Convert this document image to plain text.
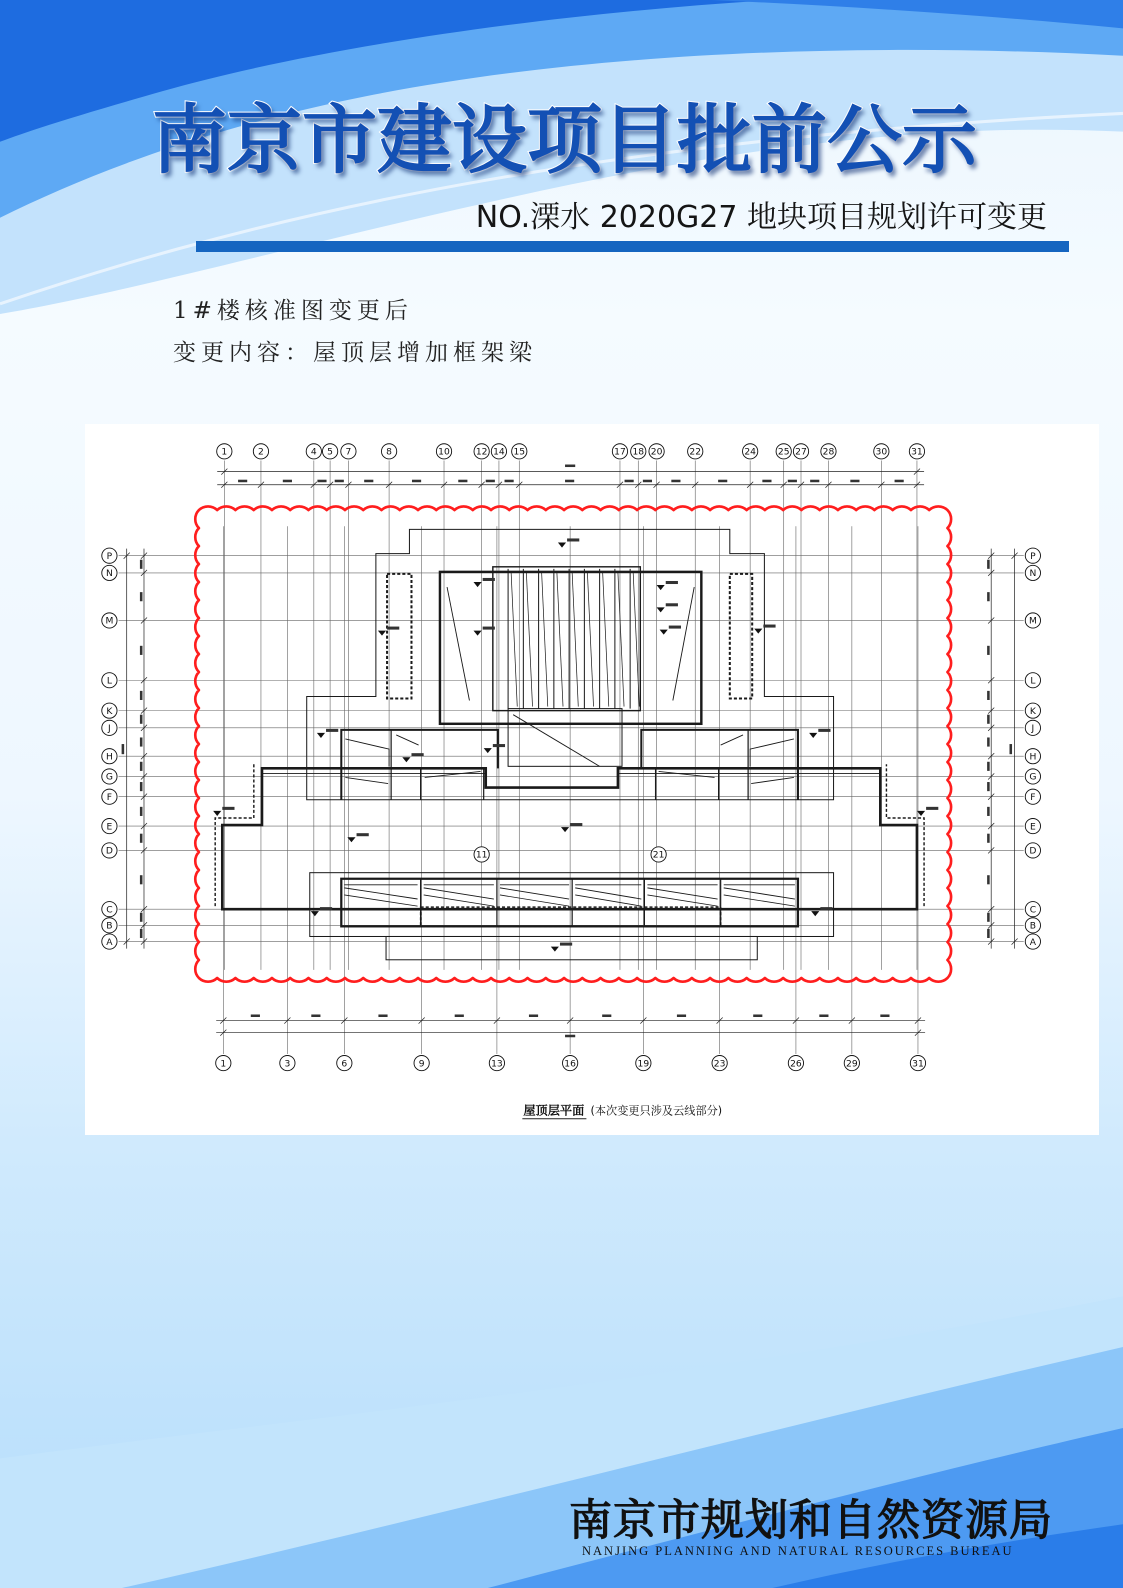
南京市建设项目批前公示
NO.溧水 2020G27 地块项目规划许可变更
1#楼核准图变更后
变更内容：屋顶层增加框架梁
屋顶层平面 (本次变更只涉及云线部分)
1	2	4 5 7	8	10	12 14 15	17 18 20	22	24 25 27 28	30	31
1	3	6	9	13	16	19	23	26	29	31
P	P
N	N
M	M
L	L
K	K
J	J
H	H
G	G
F	F
E	E
D	D
C	C
B	B
A	A
11	21
南京市规划和自然资源局
NANJING PLANNING AND NATURAL RESOURCES BUREAU
